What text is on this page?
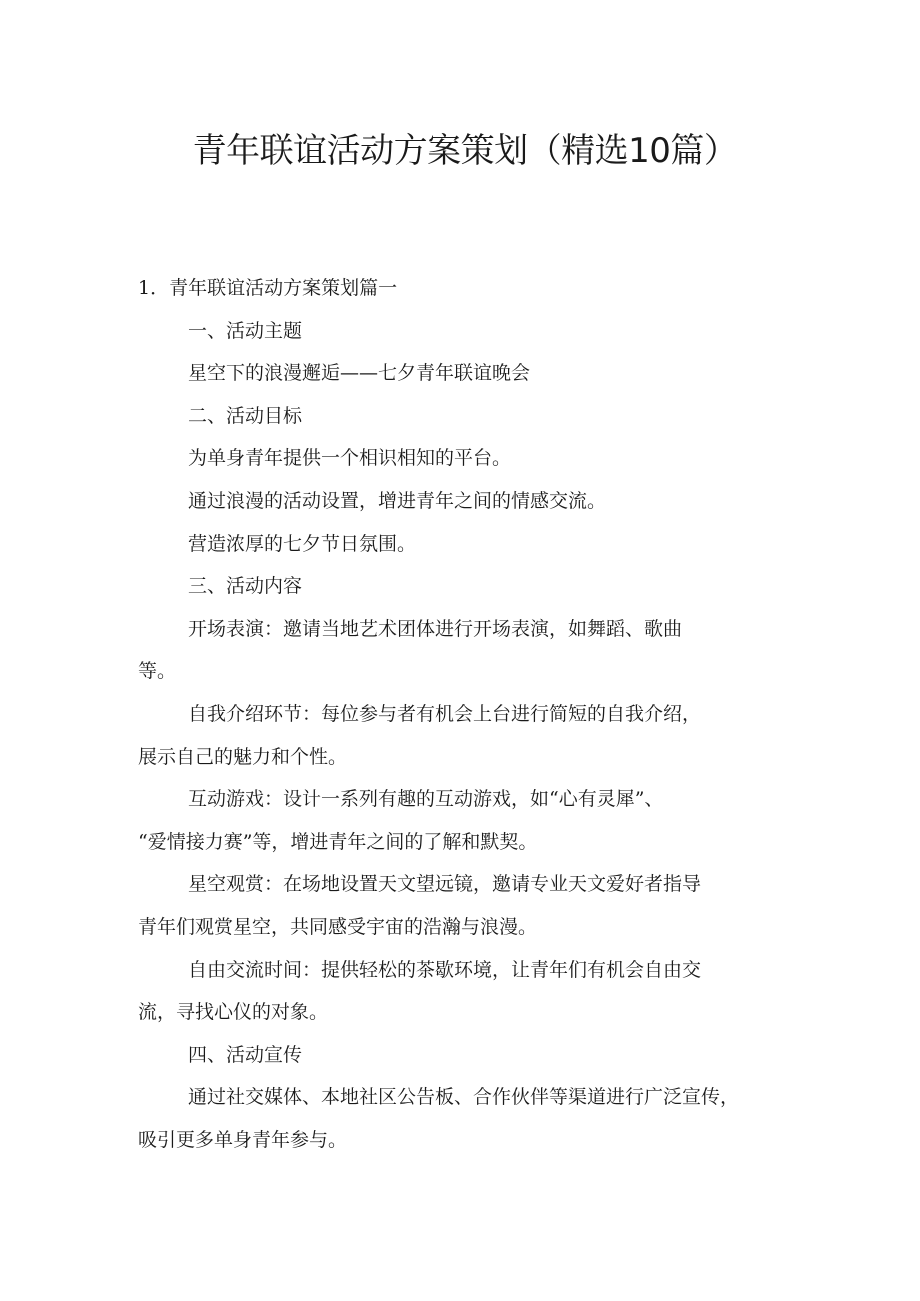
青年联谊活动方案策划（精选10篇）

1．青年联谊活动方案策划篇一

一、活动主题

星空下的浪漫邂逅——七夕青年联谊晚会

二、活动目标

为单身青年提供一个相识相知的平台。

通过浪漫的活动设置，增进青年之间的情感交流。

营造浓厚的七夕节日氛围。

三、活动内容

开场表演：邀请当地艺术团体进行开场表演，如舞蹈、歌曲

等。

自我介绍环节：每位参与者有机会上台进行简短的自我介绍，

展示自己的魅力和个性。

互动游戏：设计一系列有趣的互动游戏，如“心有灵犀”、

“爱情接力赛”等，增进青年之间的了解和默契。

星空观赏：在场地设置天文望远镜，邀请专业天文爱好者指导

青年们观赏星空，共同感受宇宙的浩瀚与浪漫。

自由交流时间：提供轻松的茶歇环境，让青年们有机会自由交

流，寻找心仪的对象。

四、活动宣传

通过社交媒体、本地社区公告板、合作伙伴等渠道进行广泛宣传，

吸引更多单身青年参与。
